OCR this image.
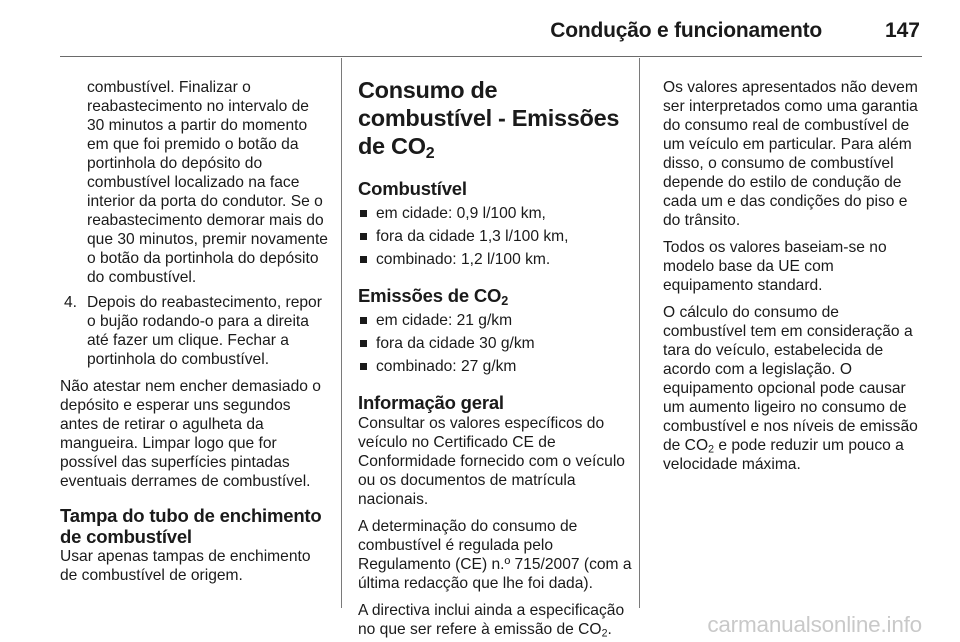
Condução e funcionamento	147

combustível. Finalizar o reabastecimento no intervalo de 30 minutos a partir do momento em que foi premido o botão da portinhola do depósito do combustível localizado na face interior da porta do condutor. Se o reabastecimento demorar mais do que 30 minutos, premir novamente o botão da portinhola do depósito do combustível.

4. Depois do reabastecimento, repor o bujão rodando-o para a direita até fazer um clique. Fechar a portinhola do combustível.

Não atestar nem encher demasiado o depósito e esperar uns segundos antes de retirar o agulheta da mangueira. Limpar logo que for possível das superfícies pintadas eventuais derrames de combustível.

Tampa do tubo de enchimento de combustível

Usar apenas tampas de enchimento de combustível de origem.

Consumo de combustível - Emissões de $CO_2$

Combustível

em cidade: 0,9 l/100 km,
fora da cidade 1,3 l/100 km,
combinado: 1,2 l/100 km.

Emissões de $CO_2$

em cidade: 21 g/km
fora da cidade 30 g/km
combinado: 27 g/km

Informação geral

Consultar os valores específicos do veículo no Certificado CE de Conformidade fornecido com o veículo ou os documentos de matrícula nacionais.

A determinação do consumo de combustível é regulada pelo Regulamento (CE) n.º 715/2007 (com a última redacção que lhe foi dada).

A directiva inclui ainda a especificação no que ser refere à emissão de $CO_2$.

Os valores apresentados não devem ser interpretados como uma garantia do consumo real de combustível de um veículo em particular. Para além disso, o consumo de combustível depende do estilo de condução de cada um e das condições do piso e do trânsito.

Todos os valores baseiam-se no modelo base da UE com equipamento standard.

O cálculo do consumo de combustível tem em consideração a tara do veículo, estabelecida de acordo com a legislação. O equipamento opcional pode causar um aumento ligeiro no consumo de combustível e nos níveis de emissão de $CO_2$ e pode reduzir um pouco a velocidade máxima.

carmanualsonline.info
